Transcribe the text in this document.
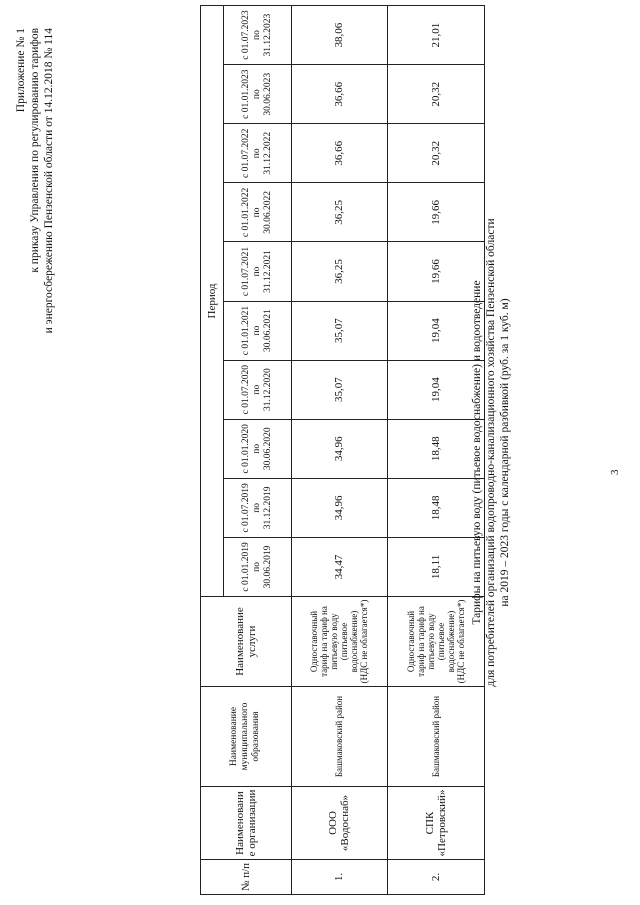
Приложение № 1 к приказу Управления по регулированию тарифов и энергосбережению Пензенской области от 14.12.2018 № 114
№ п/п	Наименовани е организации	Наименование муниципального образования	Наименование услуги	Период									

				с 01.01.2019 по 30.06.2019	с 01.07.2019 по 31.12.2019	с 01.01.2020 по 30.06.2020	с 01.07.2020 по 31.12.2020	с 01.01.2021 по 30.06.2021	с 01.07.2021 по 31.12.2021	с 01.01.2022 по 30.06.2022	с 01.07.2022 по 31.12.2022	с 01.01.2023 по 30.06.2023	с 01.07.2023 по 31.12.2023

1.	ООО «Водоснаб»	Башмаковский район	Одноставочный тариф на тариф на питьевую воду (питьевое водоснабжение) (НДС не облагается*)	34,47	34,96	34,96	35,07	35,07	36,25	36,25	36,66	36,66	38,06
2.	СПК «Петровский»	Башмаковский район	Одноставочный тариф на тариф на питьевую воду (питьевое водоснабжение) (НДС не облагается*)	18,11	18,48	18,48	19,04	19,04	19,66	19,66	20,32	20,32	21,01
Тарифы на питьевую воду (питьевое водоснабжение) и водоотведение для потребителей организаций водопроводно-канализационного хозяйства Пензенской области на 2019 – 2023 годы с календарной разбивкой (руб. за 1 куб. м)	3
